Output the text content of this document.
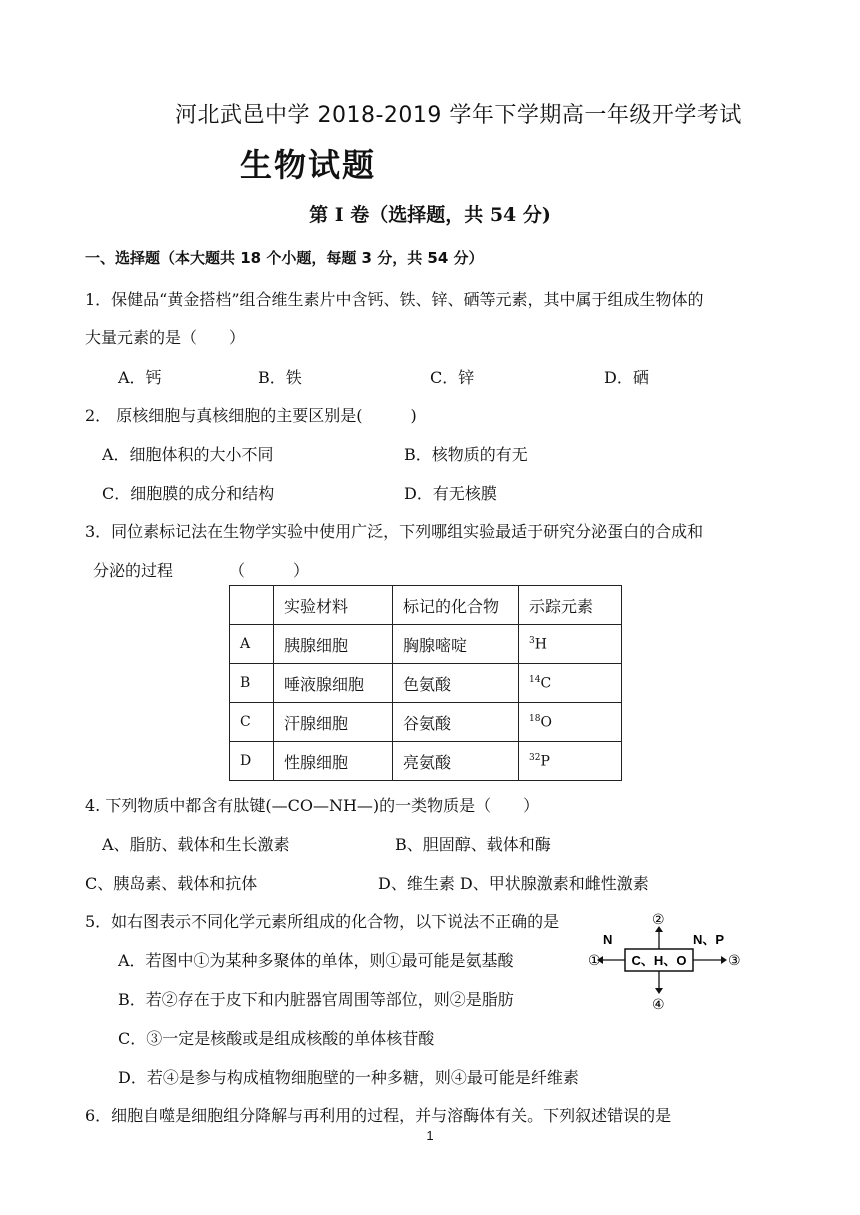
河北武邑中学 2018-2019 学年下学期高一年级开学考试
生物试题
第 I 卷（选择题，共 54 分)
一、选择题（本大题共 18 个小题，每题 3 分，共 54 分）
1．保健品“黄金搭档”组合维生素片中含钙、铁、锌、硒等元素，其中属于组成生物体的
大量元素的是（　　）
A．钙	B．铁	C．锌	D．硒
2． 原核细胞与真核细胞的主要区别是(　　　)
A．细胞体积的大小不同	B．核物质的有无
C．细胞膜的成分和结构	D．有无核膜
3．同位素标记法在生物学实验中使用广泛，下列哪组实验最适于研究分泌蛋白的合成和
分泌的过程　　　　（　　　）
	实验材料	标记的化合物	示踪元素
A	胰腺细胞	胸腺嘧啶	$^3$H
B	唾液腺细胞	色氨酸	$^{14}$C
C	汗腺细胞	谷氨酸	$^{18}$O
D	性腺细胞	亮氨酸	$^{32}$P
4. 下列物质中都含有肽键(—CO—NH—)的一类物质是（　　）
A、脂肪、载体和生长激素	B、胆固醇、载体和酶
C、胰岛素、载体和抗体	D、维生素 D、甲状腺激素和雌性激素
5．如右图表示不同化学元素所组成的化合物，以下说法不正确的是
A．若图中①为某种多聚体的单体，则①最可能是氨基酸
B．若②存在于皮下和内脏器官周围等部位，则②是脂肪
C．③一定是核酸或是组成核酸的单体核苷酸
D．若④是参与构成植物细胞壁的一种多糖，则④最可能是纤维素
C、H、O
①
N
③
N、P
②
④
6．细胞自噬是细胞组分降解与再利用的过程，并与溶酶体有关。下列叙述错误的是
1
